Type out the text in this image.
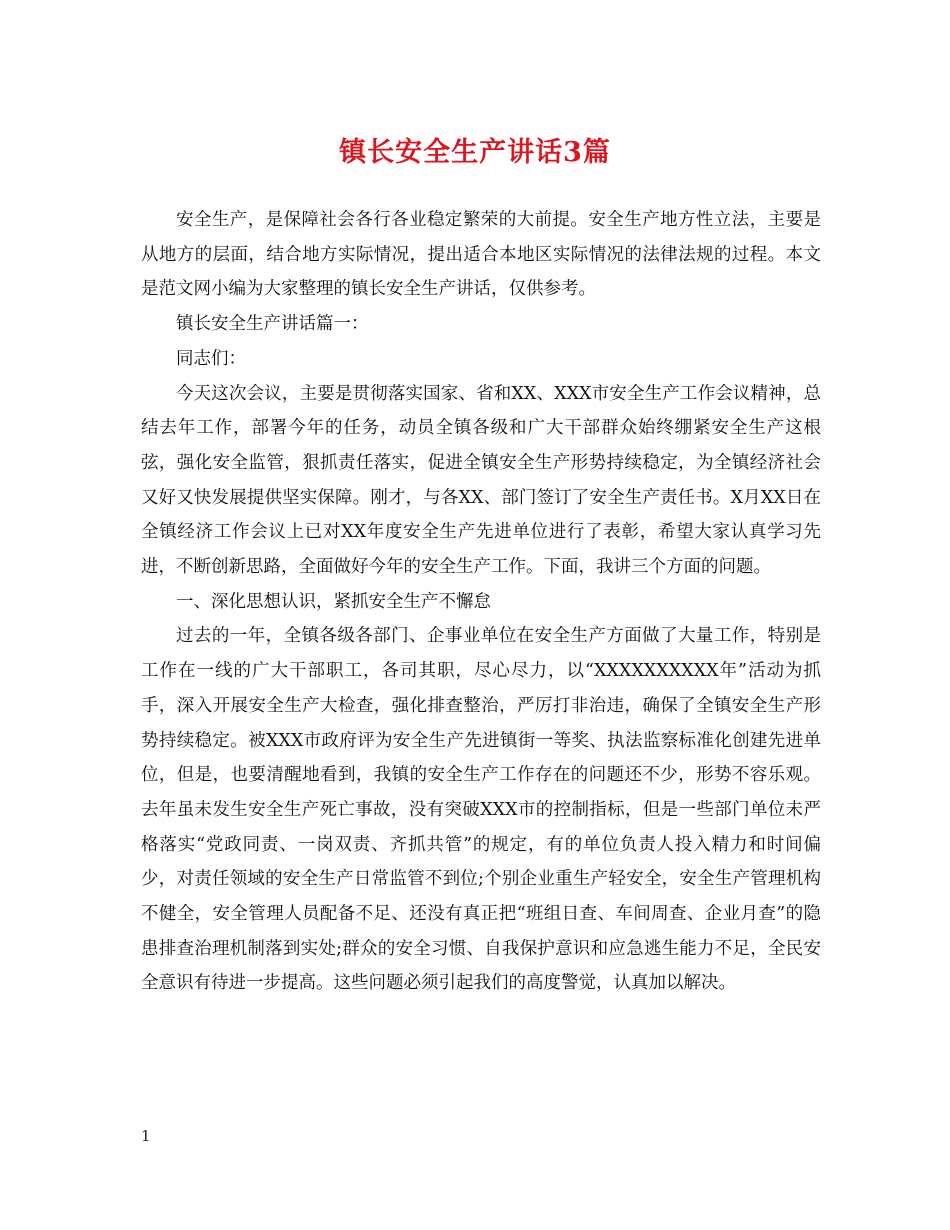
镇长安全生产讲话3篇

安全生产，是保障社会各行各业稳定繁荣的大前提。安全生产地方性立法，主要是从地方的层面，结合地方实际情况，提出适合本地区实际情况的法律法规的过程。本文是范文网小编为大家整理的镇长安全生产讲话，仅供参考。

镇长安全生产讲话篇一：

同志们：

今天这次会议，主要是贯彻落实国家、省和XX、XXX市安全生产工作会议精神，总结去年工作，部署今年的任务，动员全镇各级和广大干部群众始终绷紧安全生产这根弦，强化安全监管，狠抓责任落实，促进全镇安全生产形势持续稳定，为全镇经济社会又好又快发展提供坚实保障。刚才，与各XX、部门签订了安全生产责任书。X月XX日在全镇经济工作会议上已对XX年度安全生产先进单位进行了表彰，希望大家认真学习先进，不断创新思路，全面做好今年的安全生产工作。下面，我讲三个方面的问题。

一、深化思想认识，紧抓安全生产不懈怠

过去的一年，全镇各级各部门、企事业单位在安全生产方面做了大量工作，特别是工作在一线的广大干部职工，各司其职，尽心尽力，以“XXXXXXXXXX年”活动为抓手，深入开展安全生产大检查，强化排查整治，严厉打非治违，确保了全镇安全生产形势持续稳定。被XXX市政府评为安全生产先进镇街一等奖、执法监察标准化创建先进单位，但是，也要清醒地看到，我镇的安全生产工作存在的问题还不少，形势不容乐观。去年虽未发生安全生产死亡事故，没有突破XXX市的控制指标，但是一些部门单位未严格落实“党政同责、一岗双责、齐抓共管”的规定，有的单位负责人投入精力和时间偏少，对责任领域的安全生产日常监管不到位;个别企业重生产轻安全，安全生产管理机构不健全，安全管理人员配备不足、还没有真正把“班组日查、车间周查、企业月查”的隐患排查治理机制落到实处;群众的安全习惯、自我保护意识和应急逃生能力不足，全民安全意识有待进一步提高。这些问题必须引起我们的高度警觉，认真加以解决。

1
